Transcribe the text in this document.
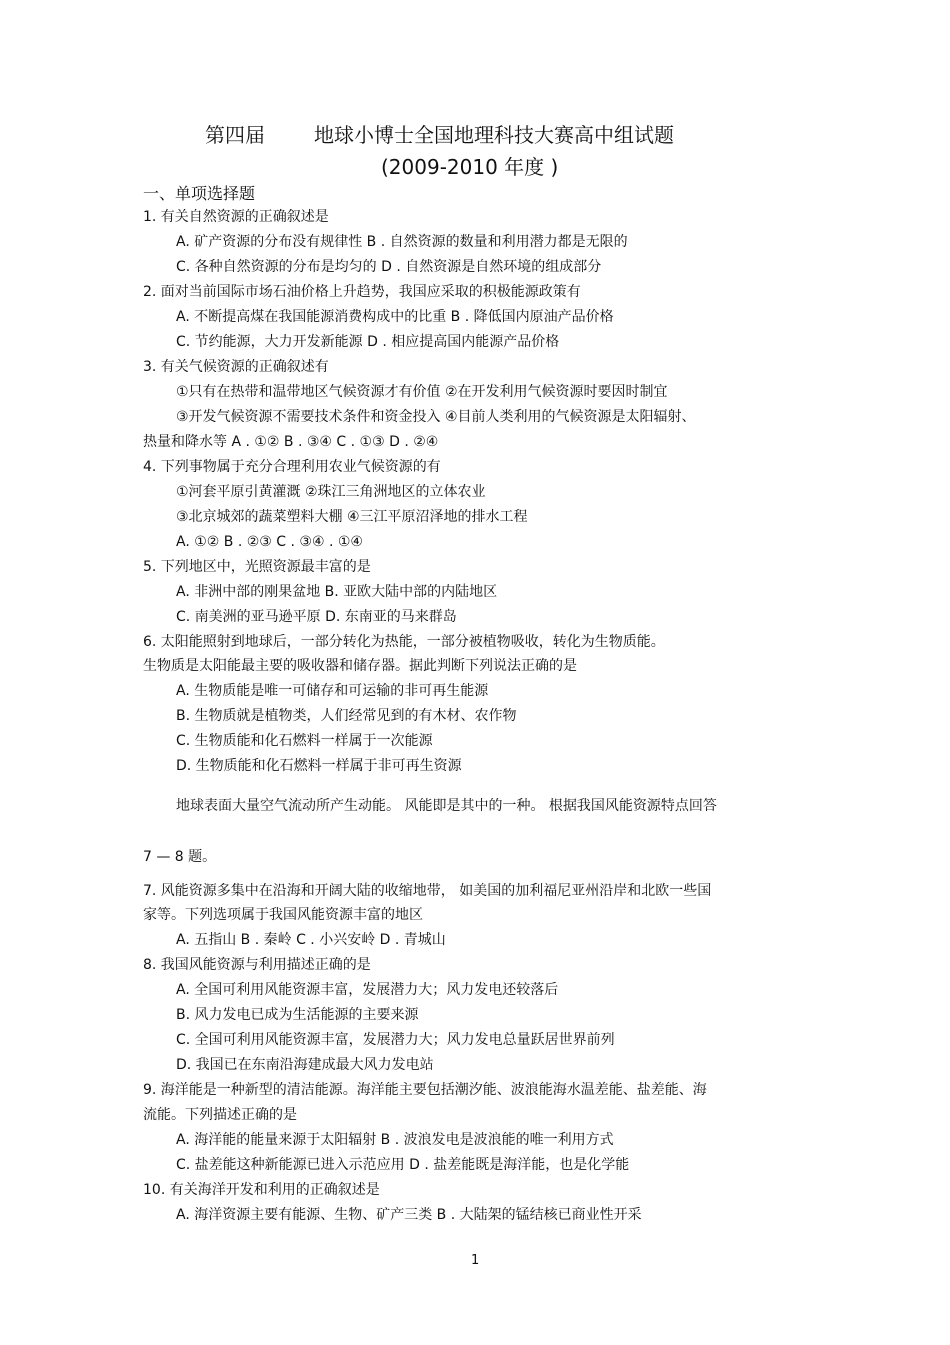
第四届 地球小博士全国地理科技大赛高中组试题
(2009-2010 年度 )
一、单项选择题
1. 有关自然资源的正确叙述是
A. 矿产资源的分布没有规律性 B . 自然资源的数量和利用潜力都是无限的
C. 各种自然资源的分布是均匀的 D . 自然资源是自然环境的组成部分
2. 面对当前国际市场石油价格上升趋势，我国应采取的积极能源政策有
A. 不断提高煤在我国能源消费构成中的比重 B . 降低国内原油产品价格
C. 节约能源，大力开发新能源 D . 相应提高国内能源产品价格
3. 有关气候资源的正确叙述有
①只有在热带和温带地区气候资源才有价值 ②在开发利用气候资源时要因时制宜
③开发气候资源不需要技术条件和资金投入 ④目前人类利用的气候资源是太阳辐射、
热量和降水等 A . ①② B . ③④ C . ①③ D . ②④
4. 下列事物属于充分合理利用农业气候资源的有
①河套平原引黄灌溉 ②珠江三角洲地区的立体农业
③北京城郊的蔬菜塑料大棚 ④三江平原沼泽地的排水工程
A. ①② B . ②③ C . ③④ . ①④
5. 下列地区中，光照资源最丰富的是
A. 非洲中部的刚果盆地 B. 亚欧大陆中部的内陆地区
C. 南美洲的亚马逊平原 D. 东南亚的马来群岛
6. 太阳能照射到地球后，一部分转化为热能，一部分被植物吸收，转化为生物质能。
生物质是太阳能最主要的吸收器和储存器。据此判断下列说法正确的是
A. 生物质能是唯一可储存和可运输的非可再生能源
B. 生物质就是植物类，人们经常见到的有木材、农作物
C. 生物质能和化石燃料一样属于一次能源
D. 生物质能和化石燃料一样属于非可再生资源
地球表面大量空气流动所产生动能。 风能即是其中的一种。 根据我国风能资源特点回答
7 — 8 题。
7. 风能资源多集中在沿海和开阔大陆的收缩地带， 如美国的加利福尼亚州沿岸和北欧一些国
家等。下列选项属于我国风能资源丰富的地区
A. 五指山 B . 秦岭 C . 小兴安岭 D . 青城山
8. 我国风能资源与利用描述正确的是
A. 全国可利用风能资源丰富，发展潜力大；风力发电还较落后
B. 风力发电已成为生活能源的主要来源
C. 全国可利用风能资源丰富，发展潜力大；风力发电总量跃居世界前列
D. 我国已在东南沿海建成最大风力发电站
9. 海洋能是一种新型的清洁能源。海洋能主要包括潮汐能、波浪能海水温差能、盐差能、海
流能。下列描述正确的是
A. 海洋能的能量来源于太阳辐射 B . 波浪发电是波浪能的唯一利用方式
C. 盐差能这种新能源已进入示范应用 D . 盐差能既是海洋能，也是化学能
10. 有关海洋开发和利用的正确叙述是
A. 海洋资源主要有能源、生物、矿产三类 B . 大陆架的锰结核已商业性开采
1
